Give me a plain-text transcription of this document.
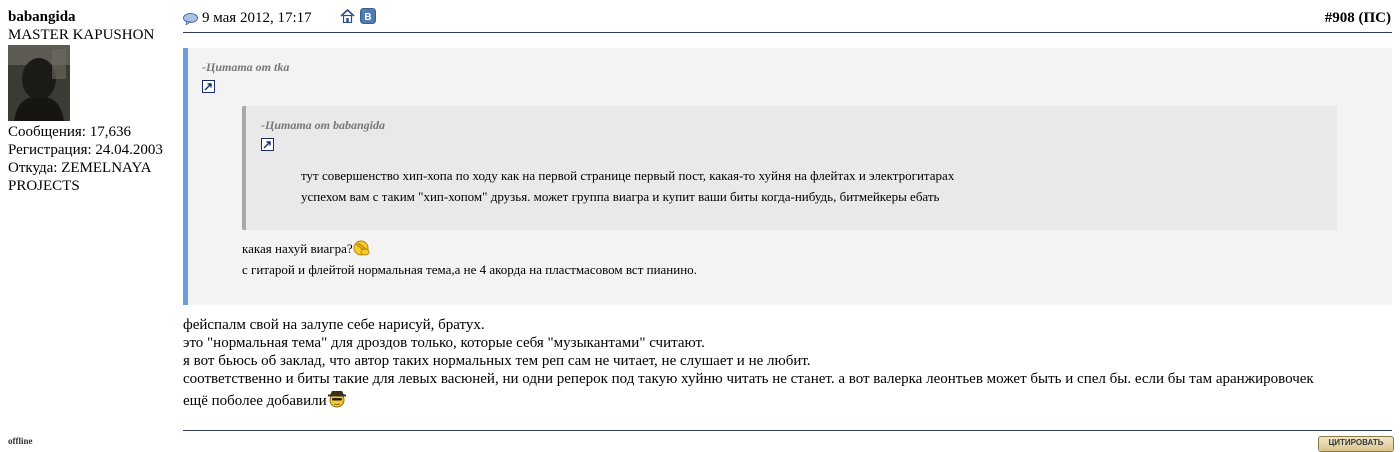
babangida
MASTER KAPUSHON
Сообщения: 17,636
Регистрация: 24.04.2003
Откуда: ZEMELNAYA
PROJECTS
offline
9 мая 2012, 17:17	B	#908 (ПС)
-Цитата от tka
-Цитата от babangida
тут совершенство хип-хопа по ходу как на первой странице первый пост, какая-то хуйня на флейтах и электрогитарах
успехом вам с таким "хип-хопом" друзья. может группа виагра и купит ваши биты когда-нибудь, битмейкеры ебать
какая нахуй виагра?
с гитарой и флейтой нормальная тема,а не 4 акорда на пластмасовом вст пианино.
фейспалм свой на залупе себе нарисуй, братух.
это "нормальная тема" для дроздов только, которые себя "музыкантами" считают.
я вот бьюсь об заклад, что автор таких нормальных тем реп сам не читает, не слушает и не любит.
соответственно и биты такие для левых васюней, ни одни реперок под такую хуйню читать не станет. а вот валерка леонтьев может быть и спел бы. если бы там аранжировочек
ещё поболее добавили
ЦИТИРОВАТЬ
